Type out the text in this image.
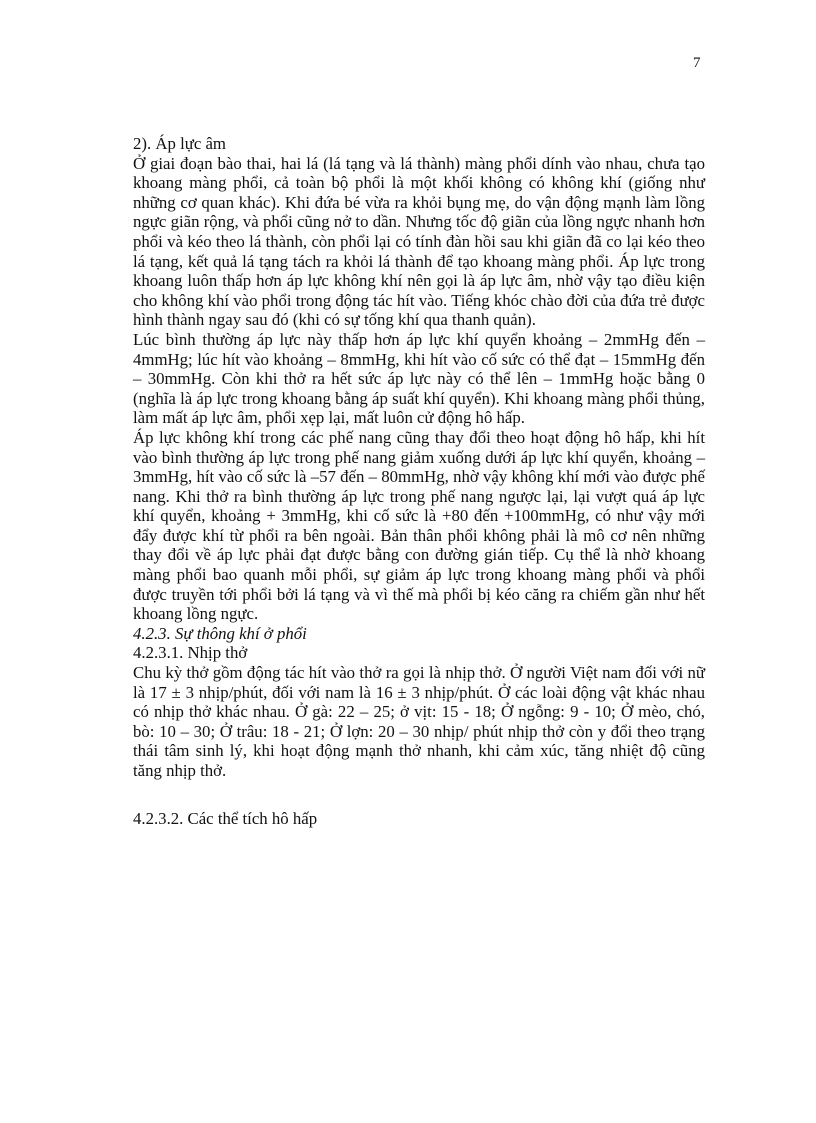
7

2). Áp lực âm

Ở giai đoạn bào thai, hai lá (lá tạng và lá thành) màng phổi dính vào nhau, chưa tạo khoang màng phổi, cả toàn bộ phổi là một khối không có không khí (giống như những cơ quan khác). Khi đứa bé vừa ra khỏi bụng mẹ, do vận động mạnh làm lồng ngực giãn rộng, và phổi cũng nở to dần. Nhưng tốc độ giãn của lồng ngực nhanh hơn phổi và kéo theo lá thành, còn phổi lại có tính đàn hồi sau khi giãn đã co lại kéo theo lá tạng, kết quả lá tạng tách ra khỏi lá thành để tạo khoang màng phổi. Áp lực trong khoang luôn thấp hơn áp lực không khí nên gọi là áp lực âm, nhờ vậy tạo điều kiện cho không khí vào phổi trong động tác hít vào. Tiếng khóc chào đời của đứa trẻ được hình thành ngay sau đó (khi có sự tống khí qua thanh quản).

Lúc bình thường áp lực này thấp hơn áp lực khí quyển khoảng – 2mmHg đến – 4mmHg; lúc hít vào khoảng – 8mmHg, khi hít vào cố sức có thể đạt – 15mmHg đến – 30mmHg. Còn khi thở ra hết sức áp lực này có thể lên – 1mmHg hoặc bằng 0 (nghĩa là áp lực trong khoang bằng áp suất khí quyển). Khi khoang màng phổi thủng, làm mất áp lực âm, phổi xẹp lại, mất luôn cử động hô hấp.

Áp lực không khí trong các phế nang cũng thay đổi theo hoạt động hô hấp, khi hít vào bình thường áp lực trong phế nang giảm xuống dưới áp lực khí quyển, khoảng – 3mmHg, hít vào cố sức là –57 đến – 80mmHg, nhờ vậy không khí mới vào được phế nang. Khi thở ra bình thường áp lực trong phế nang ngược lại, lại vượt quá áp lực khí quyển, khoảng + 3mmHg, khi cố sức là +80 đến +100mmHg, có như vậy mới đẩy được khí từ phổi ra bên ngoài. Bản thân phổi không phải là mô cơ nên những thay đổi về áp lực phải đạt được bằng con đường gián tiếp. Cụ thể là nhờ khoang màng phổi bao quanh mỗi phổi, sự giảm áp lực trong khoang màng phổi và phổi được truyền tới phổi bởi lá tạng và vì thế mà phổi bị kéo căng ra chiếm gần như hết khoang lồng ngực.

4.2.3. Sự thông khí ở phổi

4.2.3.1. Nhịp thở

Chu kỳ thở gồm động tác hít vào thở ra gọi là nhịp thở. Ở người Việt nam đối với nữ là 17 ± 3 nhịp/phút, đối với nam là 16 ± 3 nhịp/phút. Ở các loài động vật khác nhau có nhịp thở khác nhau. Ở gà: 22 – 25; ở vịt: 15 - 18; Ở ngỗng: 9 - 10; Ở mèo, chó, bò: 10 – 30; Ở trâu: 18 - 21; Ở lợn: 20 – 30 nhịp/ phút nhịp thở còn y đổi theo trạng thái tâm sinh lý, khi hoạt động mạnh thở nhanh, khi cảm xúc, tăng nhiệt độ cũng tăng nhịp thở.

4.2.3.2. Các thể tích hô hấp
